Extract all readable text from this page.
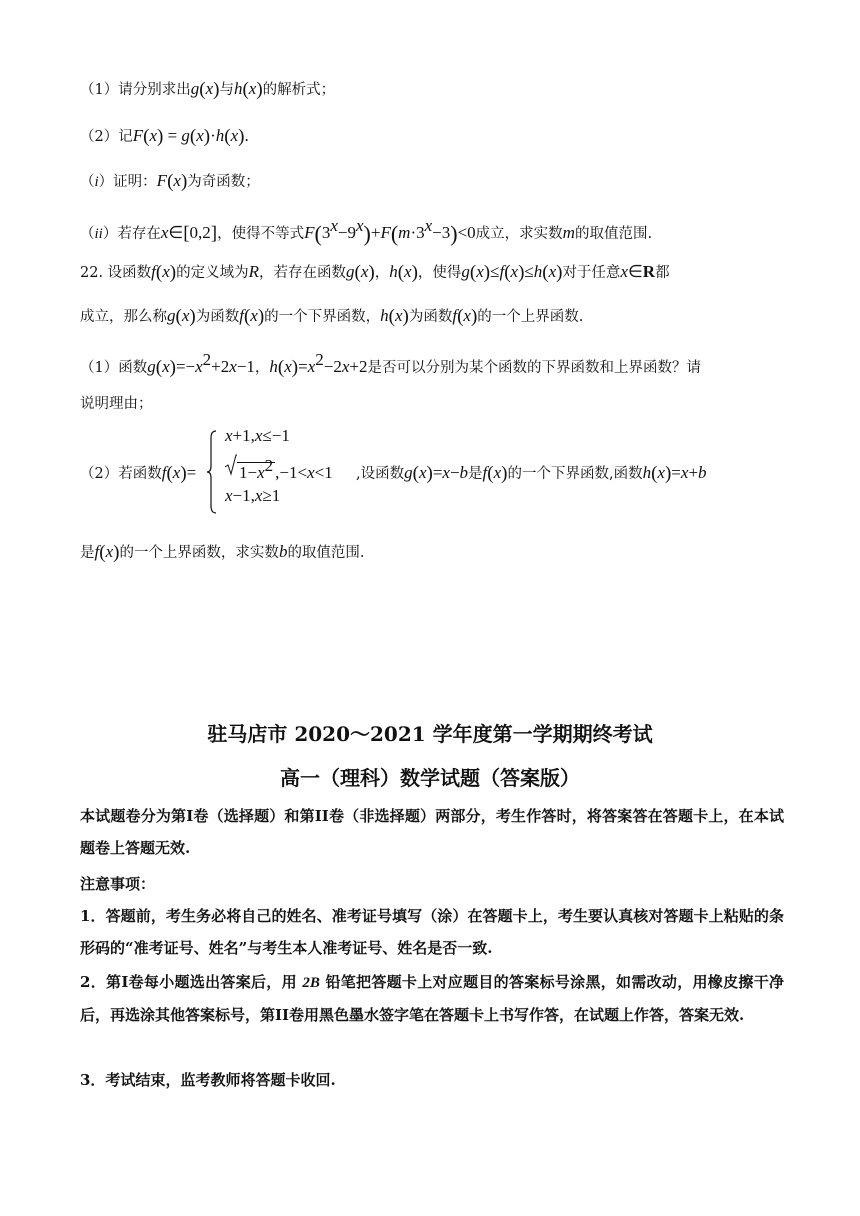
（1）请分别求出g(x)与h(x)的解析式；
（2）记F(x) = g(x)·h(x).
（i）证明：F(x)为奇函数；
（ii）若存在x∈[0,2]，使得不等式$F(3^x-9^x)+F(m\cdot 3^x-3)<0$成立，求实数m的取值范围.
22. 设函数f(x)的定义域为R，若存在函数g(x)，h(x)，使得g(x)≤f(x)≤h(x)对于任意x∈R都
成立，那么称g(x)为函数f(x)的一个下界函数，h(x)为函数f(x)的一个上界函数.
（1）函数$g(x)=-x^2+2x-1$，$h(x)=x^2-2x+2$是否可以分别为某个函数的下界函数和上界函数？请
说明理由；
（2）若函数f(x)=
x+1,x≤−1
$1-x^2$ ,−1<x<1
x−1,x≥1
,设函数g(x)=x−b是f(x)的一个下界函数,函数h(x)=x+b
是f(x)的一个上界函数，求实数b的取值范围.
驻马店市 2020～2021 学年度第一学期期终考试
高一（理科）数学试题（答案版）
本试题卷分为第I卷（选择题）和第II卷（非选择题）两部分，考生作答时，将答案答在答题卡上，在本试题卷上答题无效.
注意事项：
1．答题前，考生务必将自己的姓名、准考证号填写（涂）在答题卡上，考生要认真核对答题卡上粘贴的条形码的“准考证号、姓名”与考生本人准考证号、姓名是否一致.
2．第I卷每小题选出答案后，用 2B 铅笔把答题卡上对应题目的答案标号涂黑，如需改动，用橡皮擦干净后，再选涂其他答案标号，第II卷用黑色墨水签字笔在答题卡上书写作答，在试题上作答，答案无效.
3．考试结束，监考教师将答题卡收回.
